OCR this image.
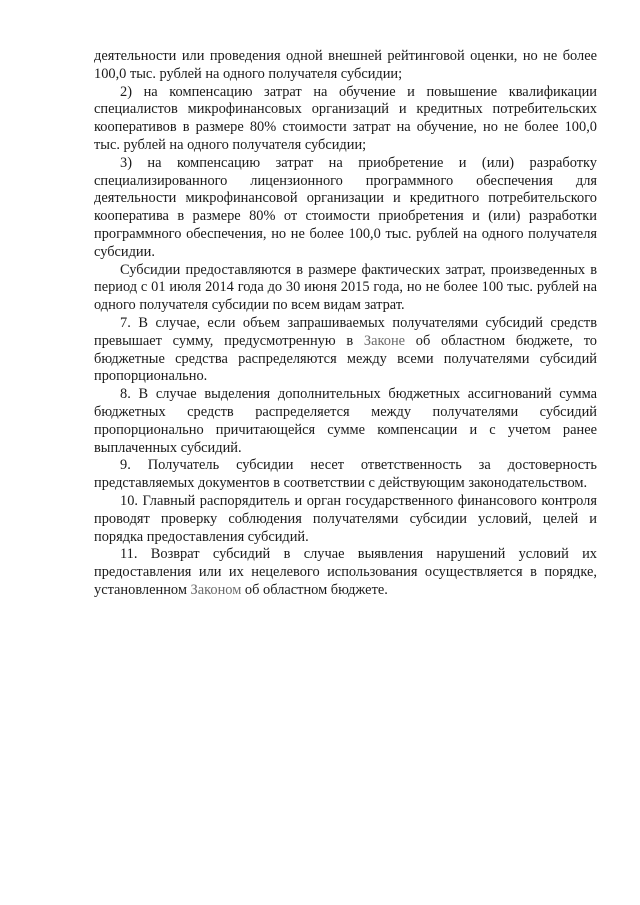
деятельности или проведения одной внешней рейтинговой оценки, но не более 100,0 тыс. рублей на одного получателя субсидии;

2) на компенсацию затрат на обучение и повышение квалификации специалистов микрофинансовых организаций и кредитных потребительских кооперативов в размере 80% стоимости затрат на обучение, но не более 100,0 тыс. рублей на одного получателя субсидии;

3) на компенсацию затрат на приобретение и (или) разработку специализированного лицензионного программного обеспечения для деятельности микрофинансовой организации и кредитного потребительского кооператива в размере 80% от стоимости приобретения и (или) разработки программного обеспечения, но не более 100,0 тыс. рублей на одного получателя субсидии.

Субсидии предоставляются в размере фактических затрат, произведенных в период с 01 июля 2014 года до 30 июня 2015 года, но не более 100 тыс. рублей на одного получателя субсидии по всем видам затрат.

7. В случае, если объем запрашиваемых получателями субсидий средств превышает сумму, предусмотренную в Законе об областном бюджете, то бюджетные средства распределяются между всеми получателями субсидий пропорционально.

8. В случае выделения дополнительных бюджетных ассигнований сумма бюджетных средств распределяется между получателями субсидий пропорционально причитающейся сумме компенсации и с учетом ранее выплаченных субсидий.

9. Получатель субсидии несет ответственность за достоверность представляемых документов в соответствии с действующим законодательством.

10. Главный распорядитель и орган государственного финансового контроля проводят проверку соблюдения получателями субсидии условий, целей и порядка предоставления субсидий.

11. Возврат субсидий в случае выявления нарушений условий их предоставления или их нецелевого использования осуществляется в порядке, установленном Законом об областном бюджете.
